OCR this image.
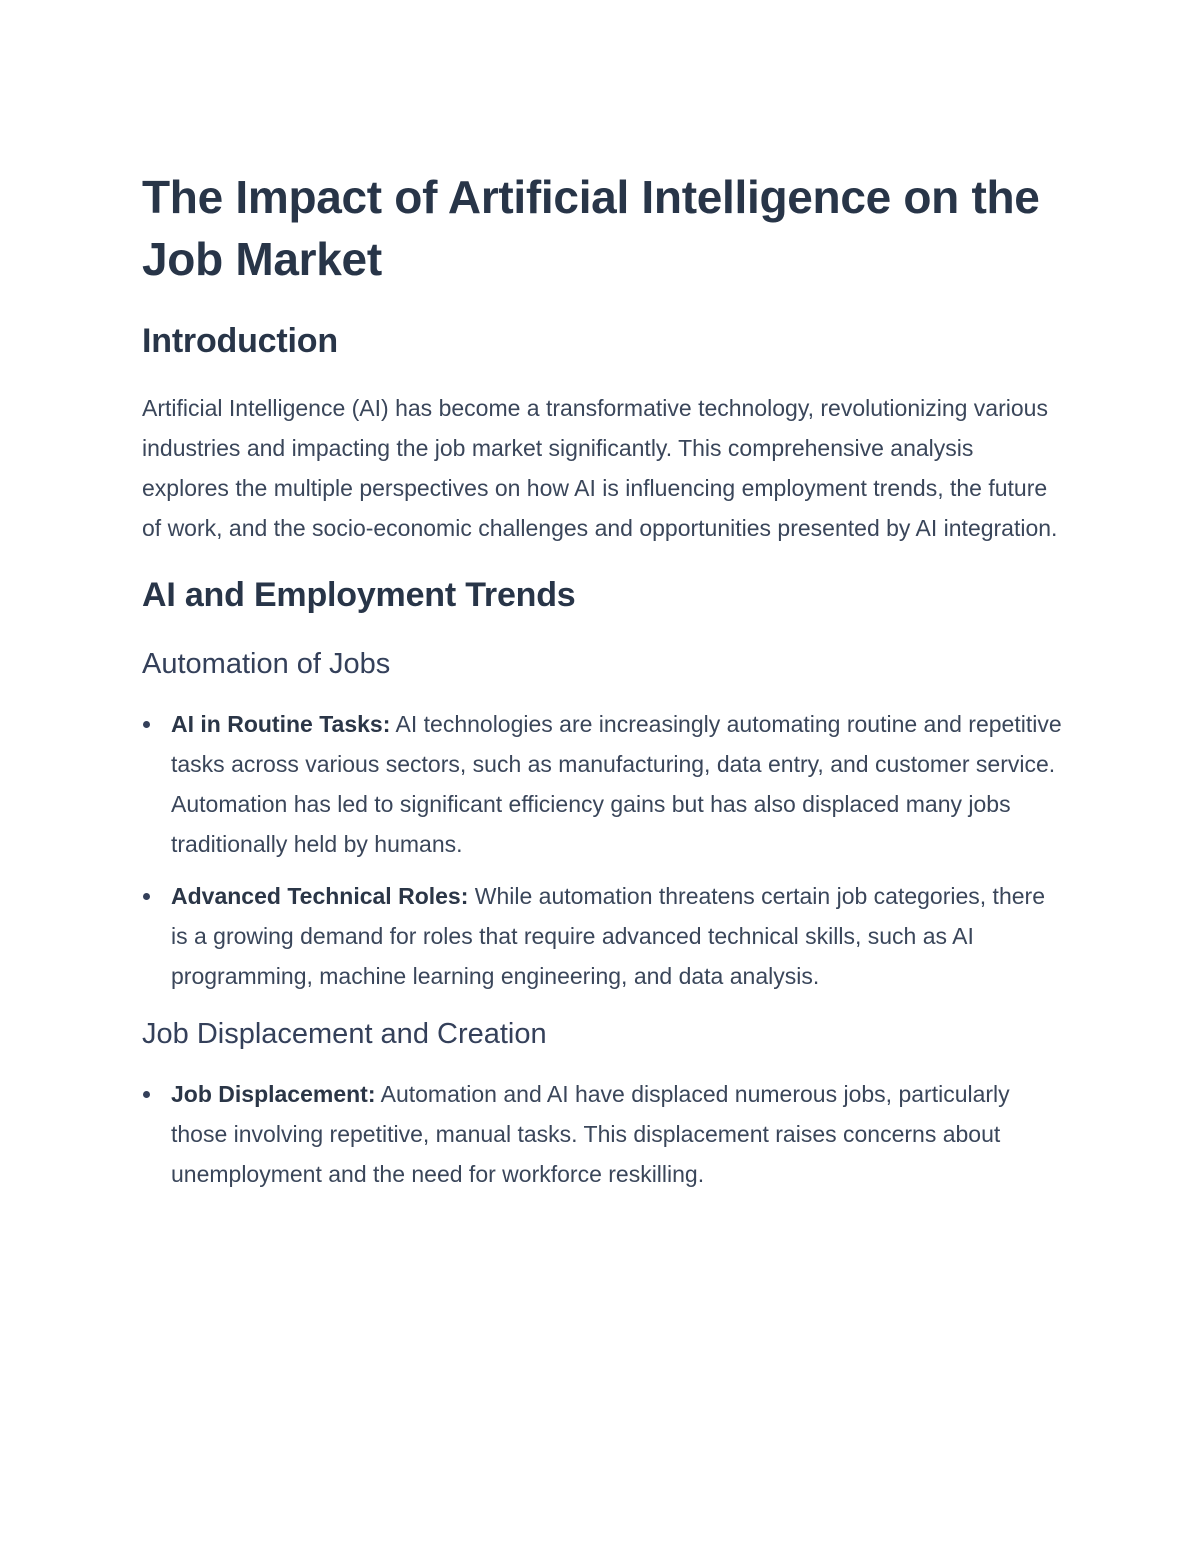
The Impact of Artificial Intelligence on the Job Market
Introduction

Artificial Intelligence (AI) has become a transformative technology, revolutionizing various industries and impacting the job market significantly. This comprehensive analysis explores the multiple perspectives on how AI is influencing employment trends, the future of work, and the socio-economic challenges and opportunities presented by AI integration.

AI and Employment Trends
Automation of Jobs
AI in Routine Tasks: AI technologies are increasingly automating routine and repetitive tasks across various sectors, such as manufacturing, data entry, and customer service. Automation has led to significant efficiency gains but has also displaced many jobs traditionally held by humans.
Advanced Technical Roles: While automation threatens certain job categories, there is a growing demand for roles that require advanced technical skills, such as AI programming, machine learning engineering, and data analysis.
Job Displacement and Creation
Job Displacement: Automation and AI have displaced numerous jobs, particularly those involving repetitive, manual tasks. This displacement raises concerns about unemployment and the need for workforce reskilling.
